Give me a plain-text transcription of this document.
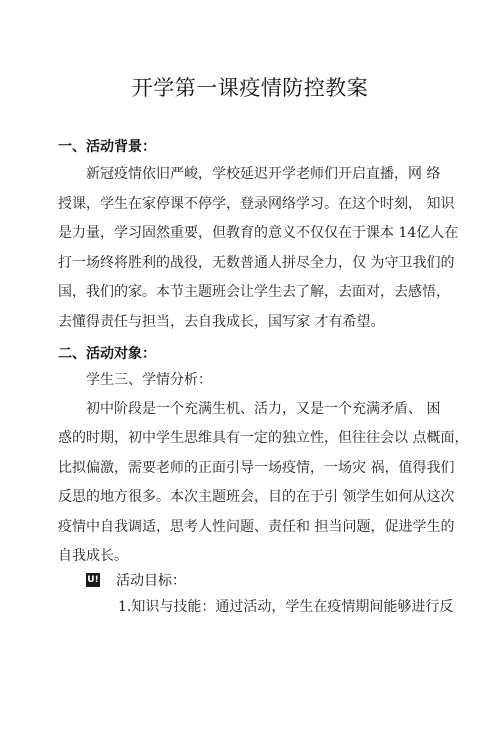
开学第一课疫情防控教案
一、活动背景：
新冠疫情依旧严峻，学校延迟开学老师们开启直播，网 络
授课，学生在家停课不停学，登录网络学习。在这个时刻， 知识
是力量，学习固然重要，但教育的意义不仅仅在于课本 14亿人在
打一场终将胜利的战役，无数普通人拼尽全力，仅 为守卫我们的
国，我们的家。本节主题班会让学生去了解，去面对，去感悟，
去懂得责任与担当，去自我成长，国写家 才有希望。
二、活动对象：
学生三、学情分析：
初中阶段是一个充满生机、活力，又是一个充满矛盾、 困
惑的时期，初中学生思维具有一定的独立性，但往往会以 点概面，
比拟偏激，需要老师的正面引导一场疫情，一场灾 祸，值得我们
反思的地方很多。本次主题班会，目的在于引 领学生如何从这次
疫情中自我调适，思考人性问题、责任和 担当问题，促进学生的
自我成长。
U! 活动目标：
1.知识与技能：通过活动，学生在疫情期间能够进行反
